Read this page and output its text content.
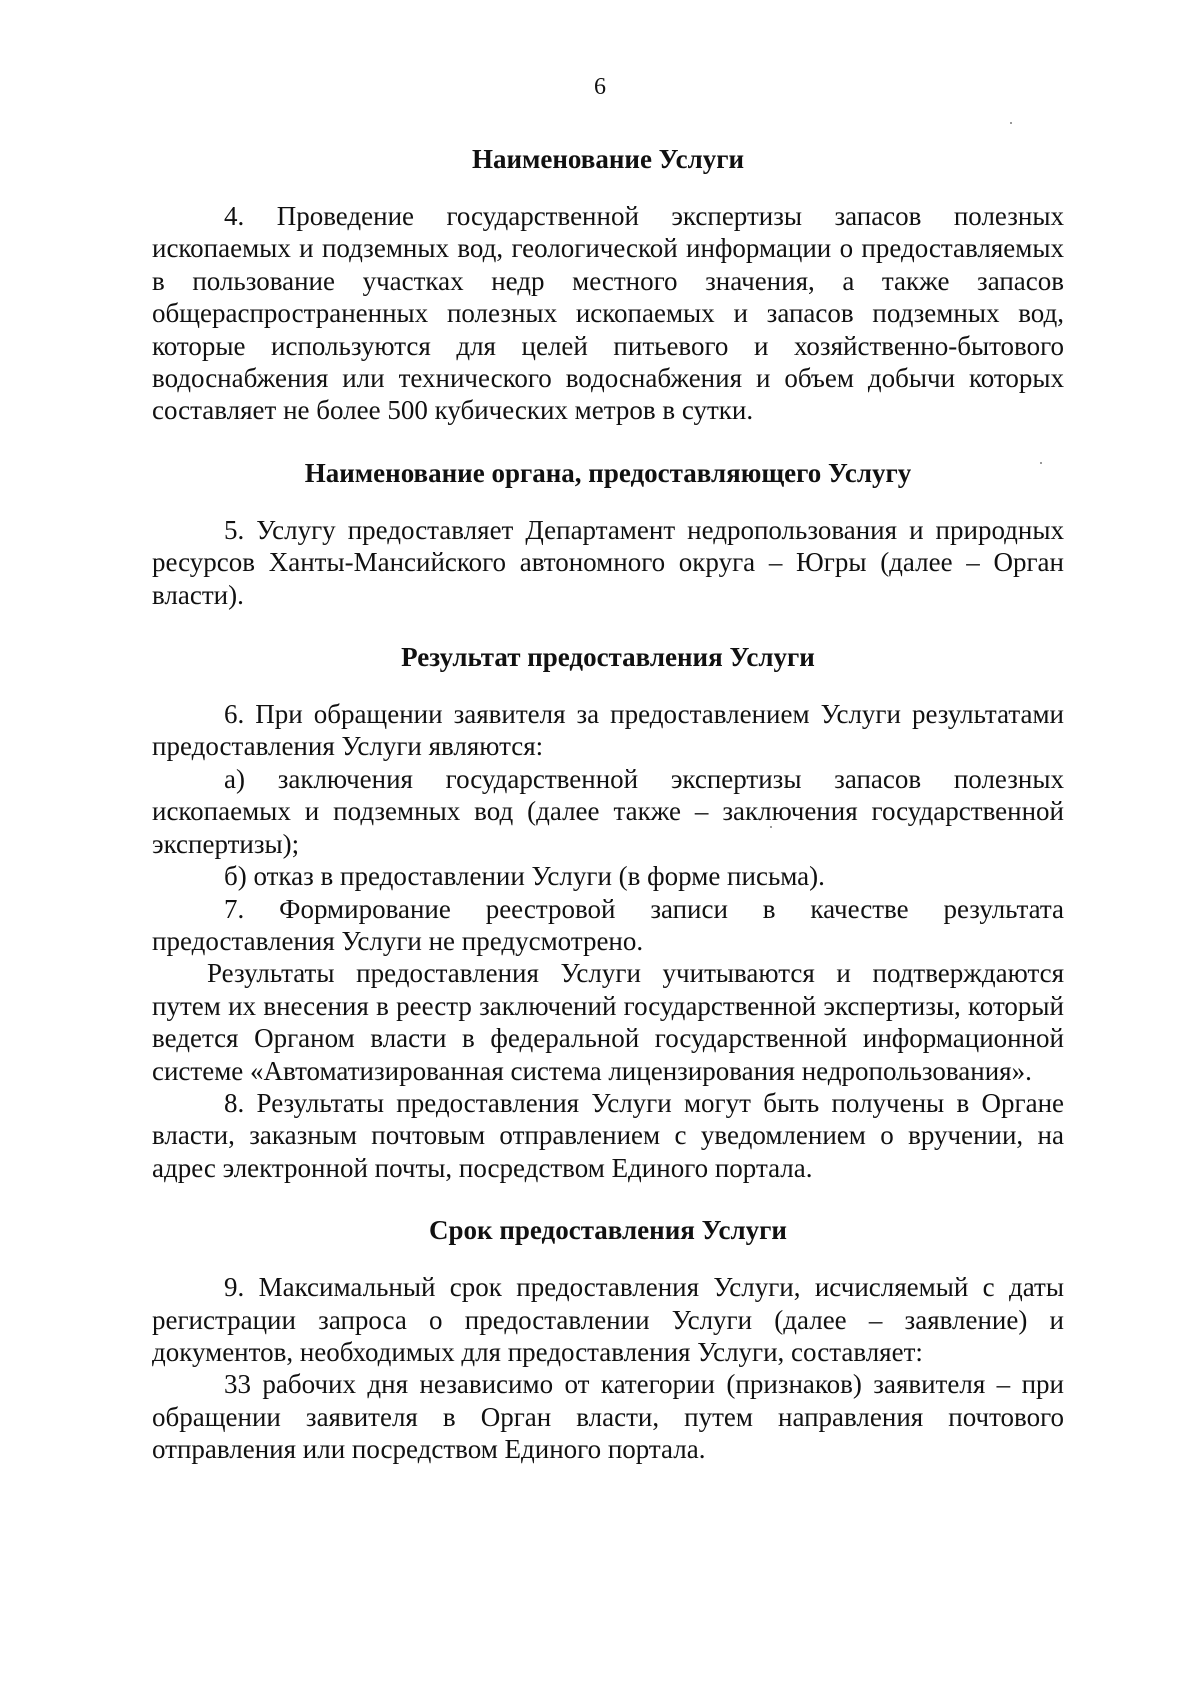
6
Наименование Услуги

4. Проведение государственной экспертизы запасов полезных ископаемых и подземных вод, геологической информации о предоставляемых в пользование участках недр местного значения, а также запасов общераспространенных полезных ископаемых и запасов подземных вод, которые используются для целей питьевого и хозяйственно-бытового водоснабжения или технического водоснабжения и объем добычи которых составляет не более 500 кубических метров в сутки.

Наименование органа, предоставляющего Услугу

5. Услугу предоставляет Департамент недропользования и природных ресурсов Ханты-Мансийского автономного округа – Югры (далее – Орган власти).

Результат предоставления Услуги

6. При обращении заявителя за предоставлением Услуги результатами предоставления Услуги являются:

а) заключения государственной экспертизы запасов полезных ископаемых и подземных вод (далее также – заключения государственной экспертизы);

б) отказ в предоставлении Услуги (в форме письма).

7. Формирование реестровой записи в качестве результата предоставления Услуги не предусмотрено.

Результаты предоставления Услуги учитываются и подтверждаются путем их внесения в реестр заключений государственной экспертизы, который ведется Органом власти в федеральной государственной информационной системе «Автоматизированная система лицензирования недропользования».

8. Результаты предоставления Услуги могут быть получены в Органе власти, заказным почтовым отправлением с уведомлением о вручении, на адрес электронной почты, посредством Единого портала.

Срок предоставления Услуги

9. Максимальный срок предоставления Услуги, исчисляемый с даты регистрации запроса о предоставлении Услуги (далее – заявление) и документов, необходимых для предоставления Услуги, составляет:

33 рабочих дня независимо от категории (признаков) заявителя – при обращении заявителя в Орган власти, путем направления почтового отправления или посредством Единого портала.
